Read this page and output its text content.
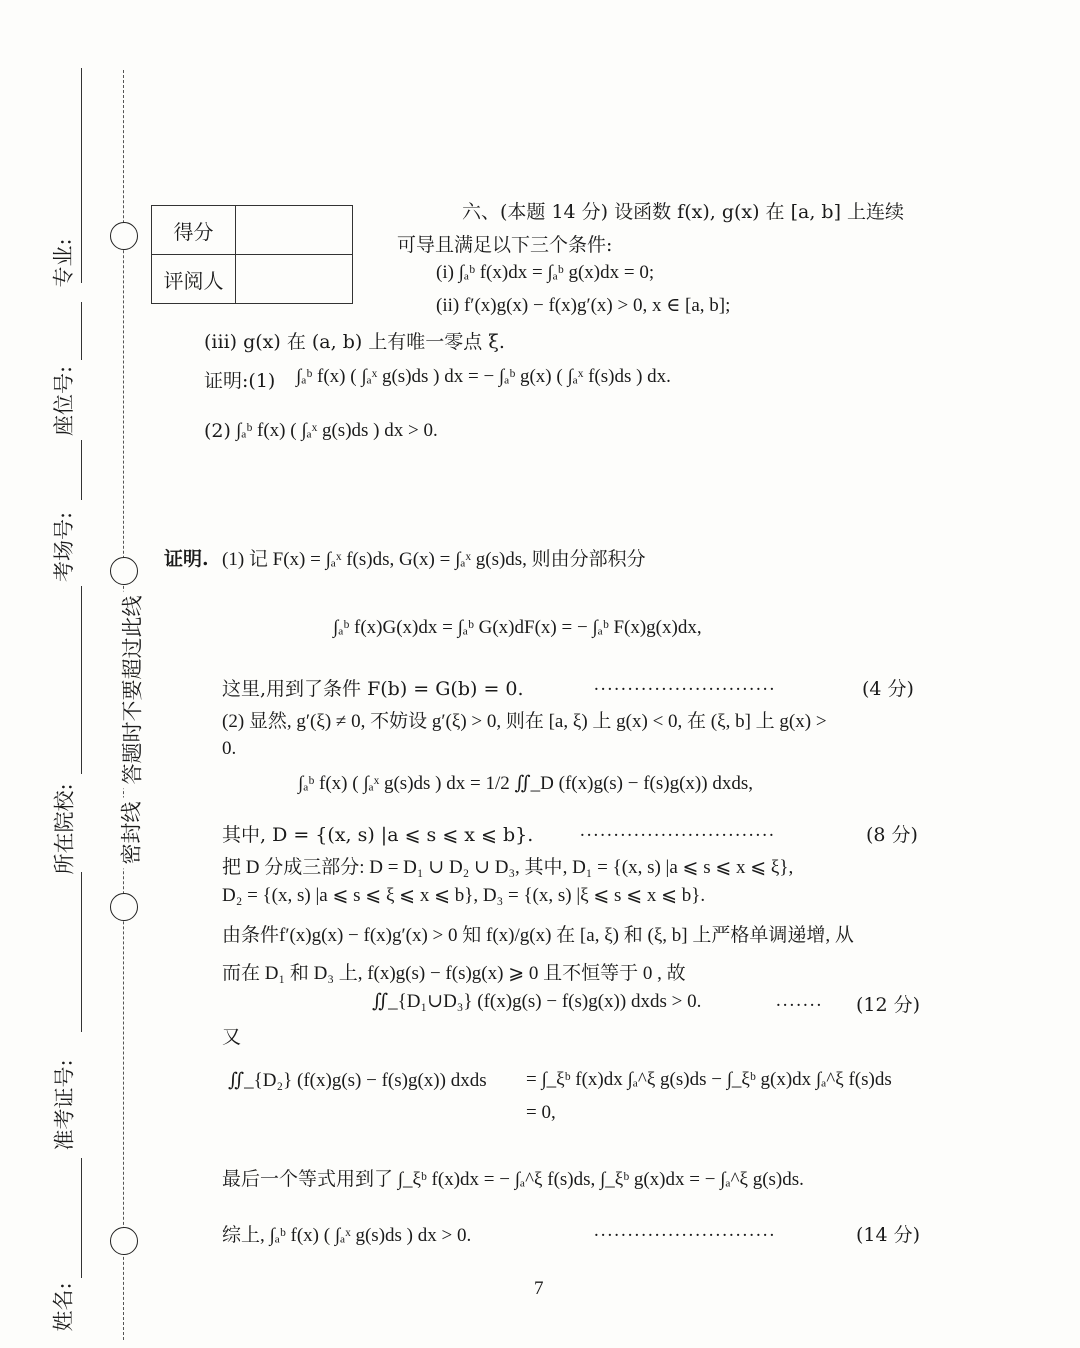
专业:
座位号:
考场号:
所在院校:
准考证号:
姓名:
答题时不要超过此线
密封线
得分	
评阅人	
六、(本题 14 分) 设函数 f(x), g(x) 在 [a, b] 上连续
可导且满足以下三个条件:
(i) ∫ₐᵇ f(x)dx = ∫ₐᵇ g(x)dx = 0;
(ii) f′(x)g(x) − f(x)g′(x) > 0, x ∈ [a, b];
(iii) g(x) 在 (a, b) 上有唯一零点 ξ.
证明:(1) ∫ₐᵇ f(x) ( ∫ₐˣ g(s)ds ) dx = − ∫ₐᵇ g(x) ( ∫ₐˣ f(s)ds ) dx.
(2) ∫ₐᵇ f(x) ( ∫ₐˣ g(s)ds ) dx > 0.
证明. (1) 记 F(x) = ∫ₐˣ f(s)ds, G(x) = ∫ₐˣ g(s)ds, 则由分部积分
∫ₐᵇ f(x)G(x)dx = ∫ₐᵇ G(x)dF(x) = − ∫ₐᵇ F(x)g(x)dx,
这里,用到了条件 F(b) = G(b) = 0.	...........................	(4 分)
(2) 显然, g′(ξ) ≠ 0, 不妨设 g′(ξ) > 0, 则在 [a, ξ) 上 g(x) < 0, 在 (ξ, b] 上 g(x) >
0.
∫ₐᵇ f(x) ( ∫ₐˣ g(s)ds ) dx = 1/2 ∬_D (f(x)g(s) − f(s)g(x)) dxds,
其中, D = {(x, s) |a ⩽ s ⩽ x ⩽ b}. .............................	(8 分)
把 D 分成三部分: D = D₁ ∪ D₂ ∪ D₃, 其中, D₁ = {(x, s) |a ⩽ s ⩽ x ⩽ ξ},
D₂ = {(x, s) |a ⩽ s ⩽ ξ ⩽ x ⩽ b}, D₃ = {(x, s) |ξ ⩽ s ⩽ x ⩽ b}.
由条件f′(x)g(x) − f(x)g′(x) > 0 知 f(x)/g(x) 在 [a, ξ) 和 (ξ, b] 上严格单调递增, 从
而在 D₁ 和 D₃ 上, f(x)g(s) − f(s)g(x) ⩾ 0 且不恒等于 0 , 故
∬_{D₁∪D₃} (f(x)g(s) − f(s)g(x)) dxds > 0.	....... (12 分)
又
∬_{D₂} (f(x)g(s) − f(s)g(x)) dxds = ∫_ξᵇ f(x)dx ∫ₐ^ξ g(s)ds − ∫_ξᵇ g(x)dx ∫ₐ^ξ f(s)ds
= 0,
最后一个等式用到了 ∫_ξᵇ f(x)dx = − ∫ₐ^ξ f(s)ds, ∫_ξᵇ g(x)dx = − ∫ₐ^ξ g(s)ds.
综上, ∫ₐᵇ f(x) ( ∫ₐˣ g(s)ds ) dx > 0.	...........................	(14 分)
7
